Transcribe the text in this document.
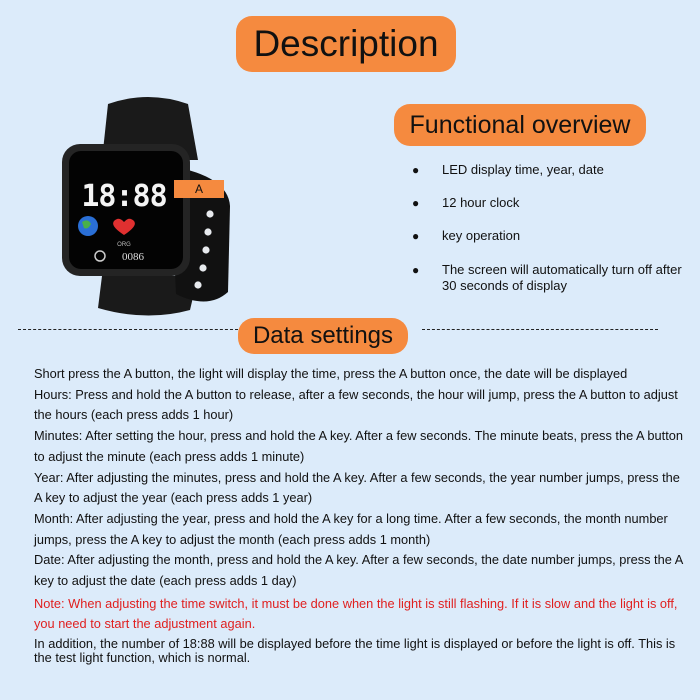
Description
18:88
ORG
0086
A
Functional overview
●	LED display time, year, date
●	12 hour clock
●	key operation
●	The screen will automatically turn off after 30 seconds of display
Data settings

Short press the A button, the light will display the time, press the A button once, the date will be displayed

Hours: Press and hold the A button to release, after a few seconds, the hour will jump, press the A button to adjust the hours (each press adds 1 hour)

Minutes: After setting the hour, press and hold the A key. After a few seconds. The minute beats, press the A button to adjust the minute (each press adds 1 minute)

Year: After adjusting the minutes, press and hold the A key. After a few seconds, the year number jumps, press the A key to adjust the year (each press adds 1 year)

Month: After adjusting the year, press and hold the A key for a long time. After a few seconds, the month number jumps, press the A key to adjust the month (each press adds 1 month)

Date: After adjusting the month, press and hold the A key. After a few seconds, the date number jumps, press the A key to adjust the date (each press adds 1 day)

Note: When adjusting the time switch, it must be done when the light is still flashing. If it is slow and the light is off, you need to start the adjustment again.

In addition, the number of 18:88 will be displayed before the time light is displayed or before the light is off. This is the test light function, which is normal.
